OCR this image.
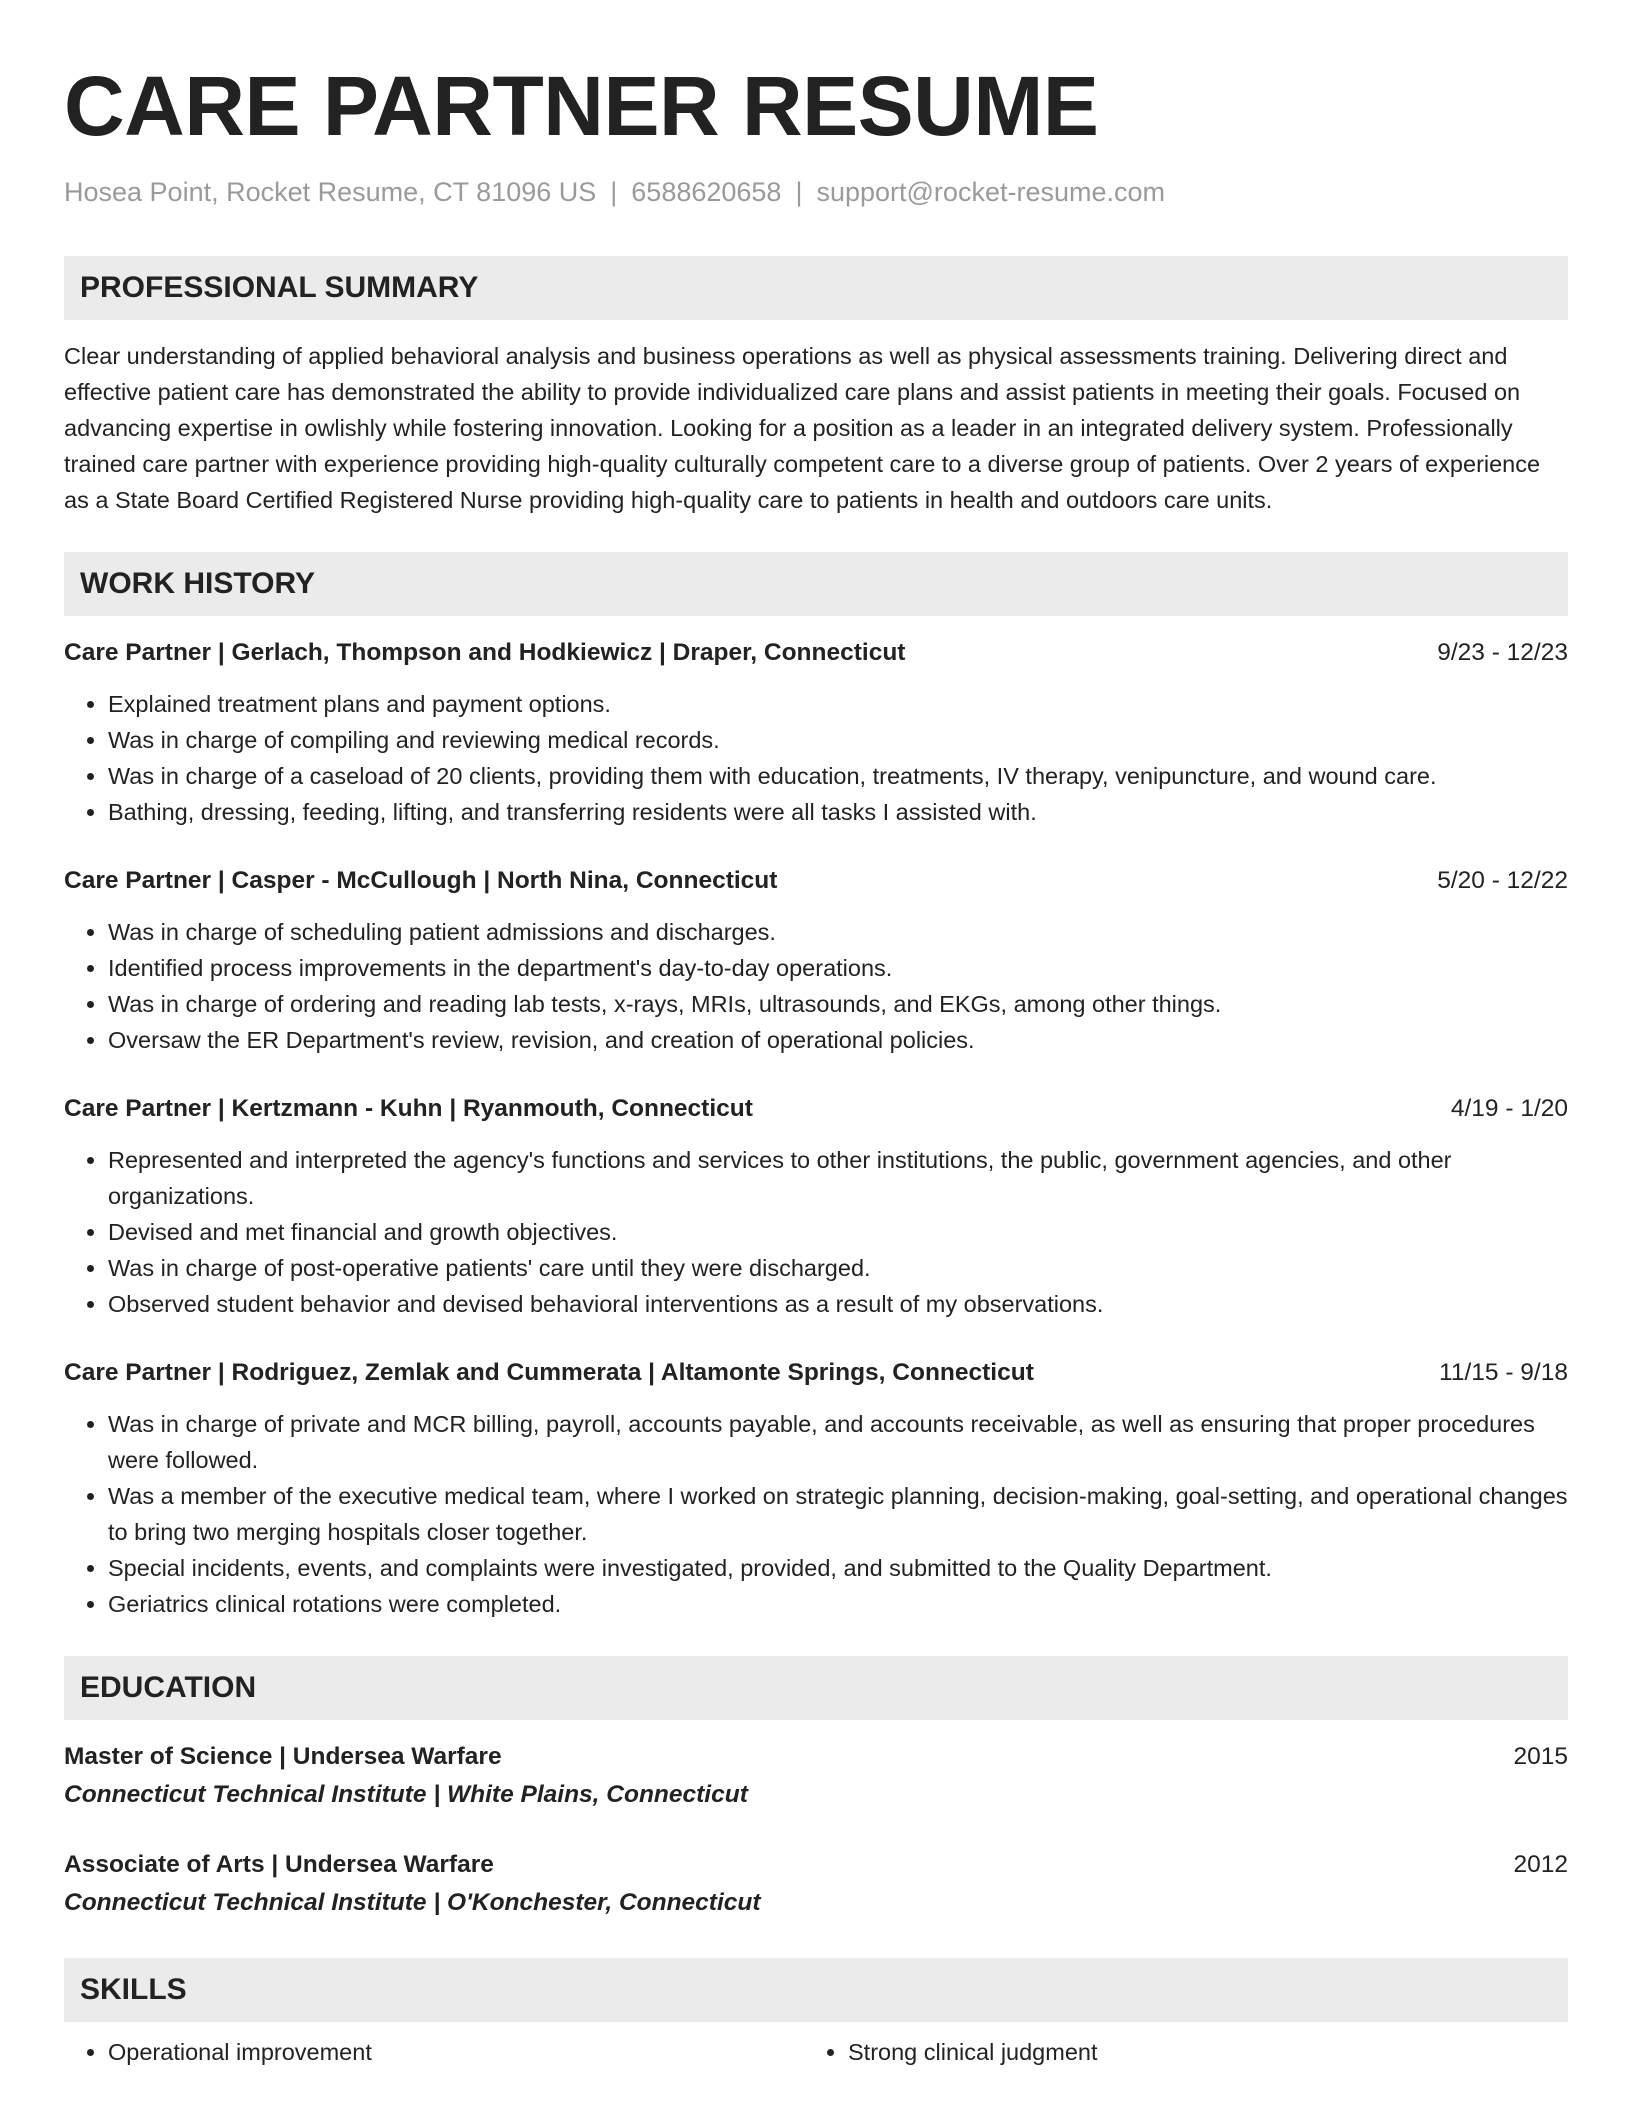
CARE PARTNER RESUME
Hosea Point, Rocket Resume, CT 81096 US | 6588620658 | support@rocket-resume.com
PROFESSIONAL SUMMARY

Clear understanding of applied behavioral analysis and business operations as well as physical assessments training. Delivering direct and effective patient care has demonstrated the ability to provide individualized care plans and assist patients in meeting their goals. Focused on advancing expertise in owlishly while fostering innovation. Looking for a position as a leader in an integrated delivery system. Professionally trained care partner with experience providing high-quality culturally competent care to a diverse group of patients. Over 2 years of experience as a State Board Certified Registered Nurse providing high-quality care to patients in health and outdoors care units.

WORK HISTORY
Care Partner | Gerlach, Thompson and Hodkiewicz | Draper, Connecticut	9/23 - 12/23
• Explained treatment plans and payment options.
• Was in charge of compiling and reviewing medical records.
• Was in charge of a caseload of 20 clients, providing them with education, treatments, IV therapy, venipuncture, and wound care.
• Bathing, dressing, feeding, lifting, and transferring residents were all tasks I assisted with.
Care Partner | Casper - McCullough | North Nina, Connecticut	5/20 - 12/22
• Was in charge of scheduling patient admissions and discharges.
• Identified process improvements in the department's day-to-day operations.
• Was in charge of ordering and reading lab tests, x-rays, MRIs, ultrasounds, and EKGs, among other things.
• Oversaw the ER Department's review, revision, and creation of operational policies.
Care Partner | Kertzmann - Kuhn | Ryanmouth, Connecticut	4/19 - 1/20
• Represented and interpreted the agency's functions and services to other institutions, the public, government agencies, and other organizations.
• Devised and met financial and growth objectives.
• Was in charge of post-operative patients' care until they were discharged.
• Observed student behavior and devised behavioral interventions as a result of my observations.
Care Partner | Rodriguez, Zemlak and Cummerata | Altamonte Springs, Connecticut	11/15 - 9/18
• Was in charge of private and MCR billing, payroll, accounts payable, and accounts receivable, as well as ensuring that proper procedures were followed.
• Was a member of the executive medical team, where I worked on strategic planning, decision-making, goal-setting, and operational changes to bring two merging hospitals closer together.
• Special incidents, events, and complaints were investigated, provided, and submitted to the Quality Department.
• Geriatrics clinical rotations were completed.
EDUCATION
Master of Science | Undersea Warfare	2015
Connecticut Technical Institute | White Plains, Connecticut
Associate of Arts | Undersea Warfare	2012
Connecticut Technical Institute | O'Konchester, Connecticut
SKILLS
• Operational improvement
•	Strong clinical judgment
